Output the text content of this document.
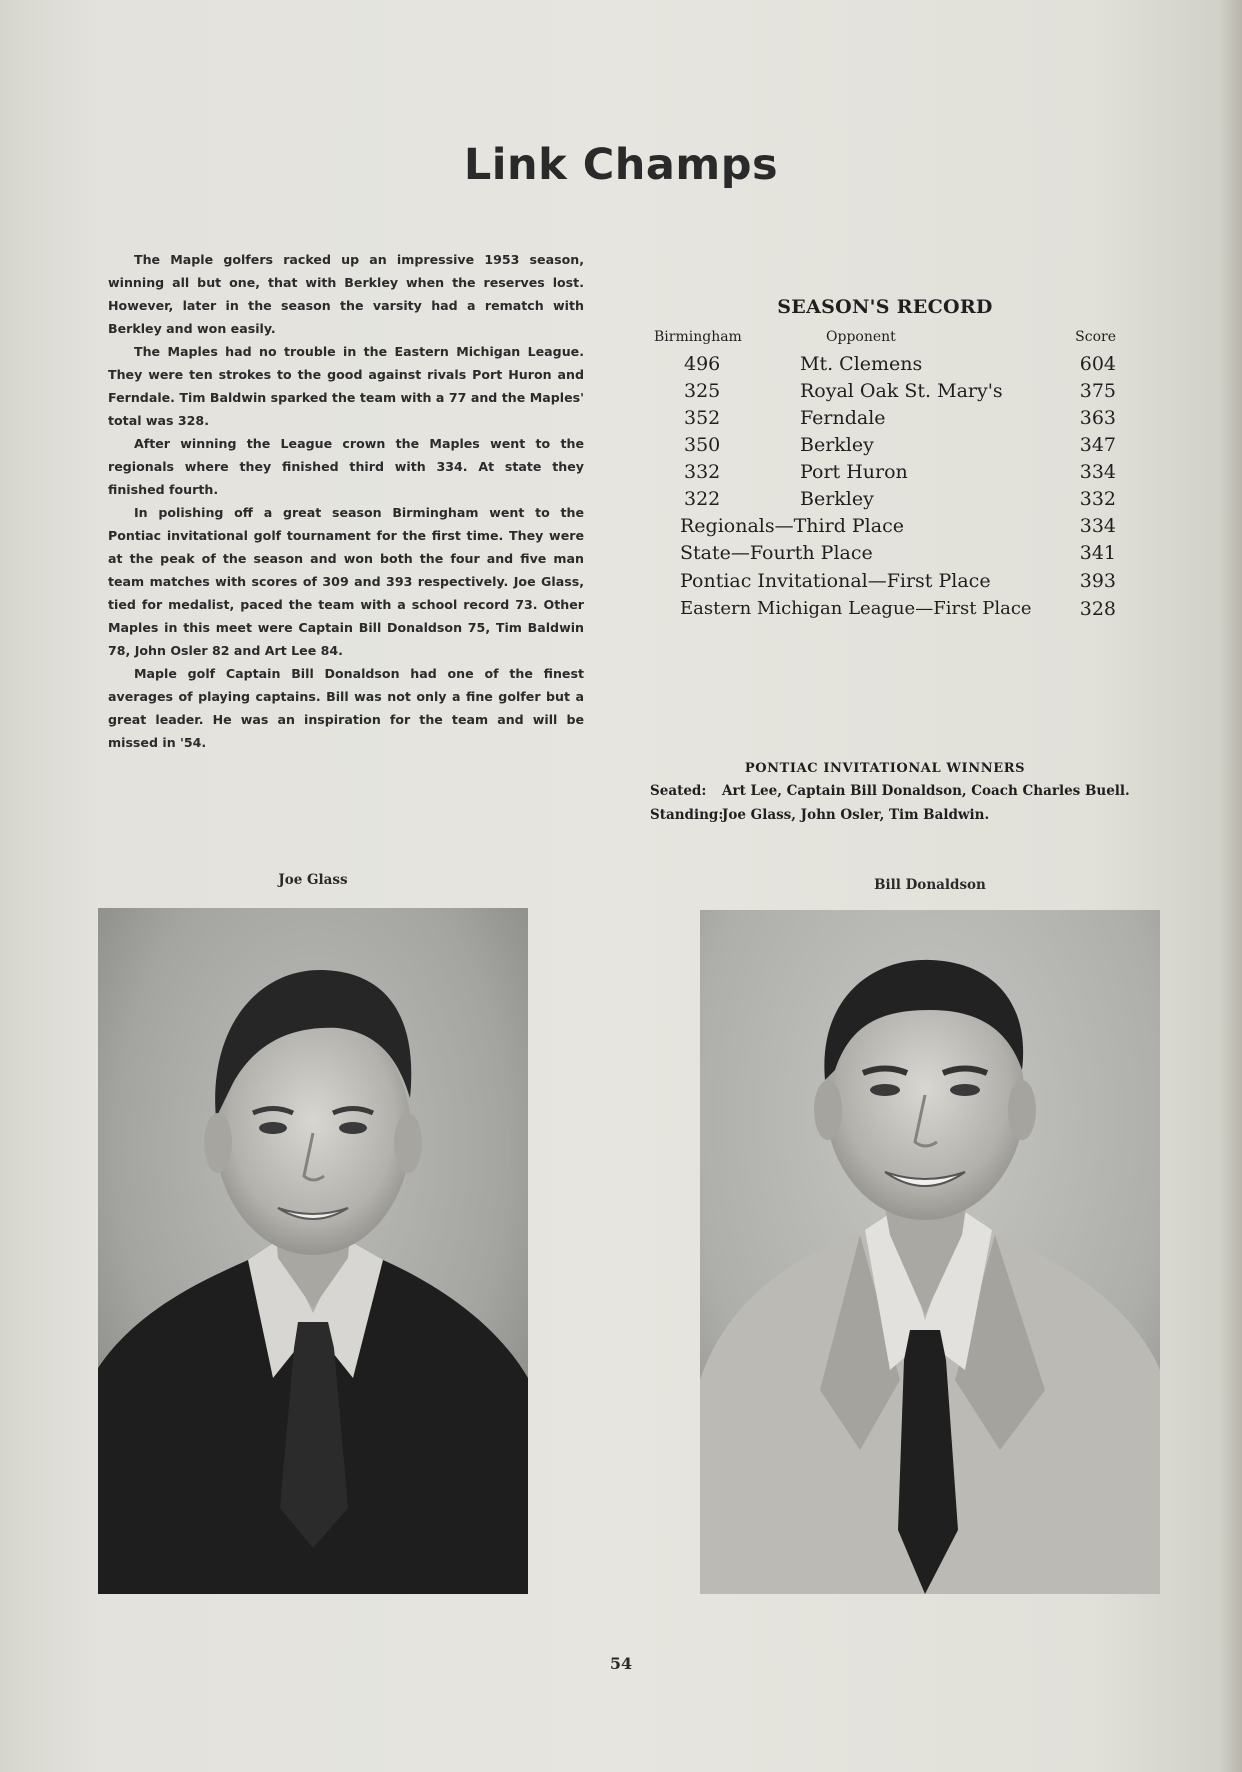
Link Champs

The Maple golfers racked up an impressive 1953 season, winning all but one, that with Berkley when the reserves lost. However, later in the season the varsity had a rematch with Berkley and won easily.

The Maples had no trouble in the Eastern Michigan League. They were ten strokes to the good against rivals Port Huron and Ferndale. Tim Baldwin sparked the team with a 77 and the Maples' total was 328.

After winning the League crown the Maples went to the regionals where they finished third with 334. At state they finished fourth.

In polishing off a great season Birmingham went to the Pontiac invitational golf tournament for the first time. They were at the peak of the season and won both the four and five man team matches with scores of 309 and 393 respectively. Joe Glass, tied for medalist, paced the team with a school record 73. Other Maples in this meet were Captain Bill Donaldson 75, Tim Baldwin 78, John Osler 82 and Art Lee 84.

Maple golf Captain Bill Donaldson had one of the finest averages of playing captains. Bill was not only a fine golfer but a great leader. He was an inspiration for the team and will be missed in '54.

SEASON'S RECORD
Birmingham	Opponent	Score
496	Mt. Clemens	604
325	Royal Oak St. Mary's	375
352	Ferndale	363
350	Berkley	347
332	Port Huron	334
322	Berkley	332
Regionals—Third Place	334
State—Fourth Place	341
Pontiac Invitational—First Place	393
Eastern Michigan League—First Place	328
PONTIAC INVITATIONAL WINNERS
Seated: Art Lee, Captain Bill Donaldson, Coach Charles Buell.
Standing:Joe Glass, John Osler, Tim Baldwin.
Joe Glass	Bill Donaldson
54
